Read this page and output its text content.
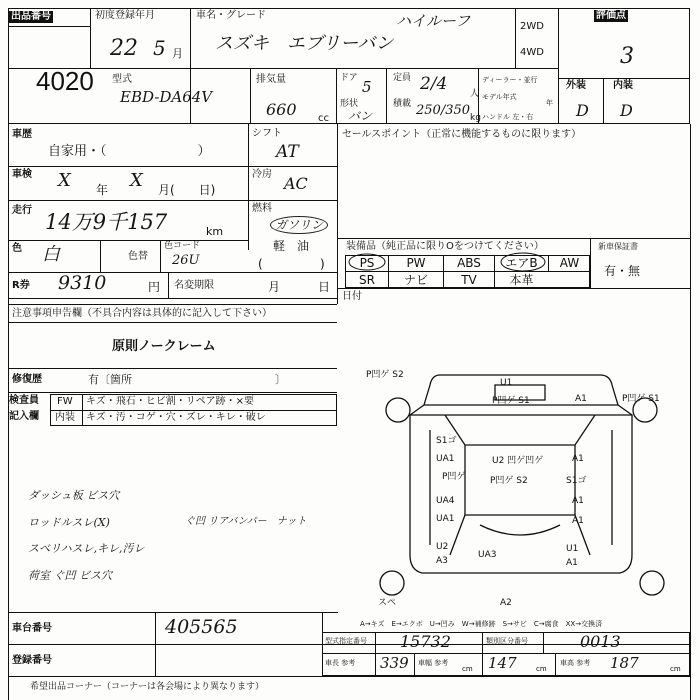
出品番号
4020
初度登録年月
22 5 月
車名・グレード
スズキ　エブリーバン
ハイルーフ	2WD
4WD
評価点
3
外装	内装
D D
型式
EBD-DA64V
排気量
660 cc
ドア 5
形状
バン
定員 2/4	人
積載 250/350 kg
ディーラー・並行
モデル年式
年
ハンドル 左・右
車歴
自家用・（　　　　　　　）
シフト
AT
車検 X 年 X 月(　　日)
冷房 AC
走行 14万9千157	km
燃料
ガソリン
軽　油
(	)
色 白	色替
色コード
26U
R券 9310	円 名変期限	月	日
セールスポイント（正常に機能するものに限ります）
装備品（純正品に限りOをつけてください）	新車保証書
有・無
PS	PW	ABS	エアB	AW
SR	ナビ	TV	本革
日付
注意事項申告欄（不具合内容は具体的に記入して下さい）
原則ノークレーム
修復歴	有〔箇所　　　　　　　　　　　　　〕
検査員
記入欄
FW キズ・飛石・ヒビ割・リペア跡・×要
内装 キズ・汚・コゲ・穴・ズレ・キレ・破レ
ダッシュ板 ビス穴
ロッドルスレ(X)
スベリハスレ,キレ,汚レ
荷室 ぐ凹 ビス穴
ぐ凹 リアバンパー　ナット
P凹ゲ S2
U1
P凹ゲ S1	A1	P凹ゲ S1
S1ゴ
UA1	U2 凹ゲ凹ゲ	A1
P凹ゲ	P凹ゲ S2	S1ゴ
UA4
UA1
A1
U2
A3
UA3
A1
U1
A1
スペ	A2
A→キズ　E→エクボ　U→凹み　W→補修跡　S→サビ　C→腐食　XX→交換済
車台番号	405565
登録番号
型式指定番号 15732	類別区分番号	0013
車長 参考 339	cm
車幅 参考	147	cm
車高 参考 187	cm
希望出品コーナー（コーナーは各会場により異なります）
